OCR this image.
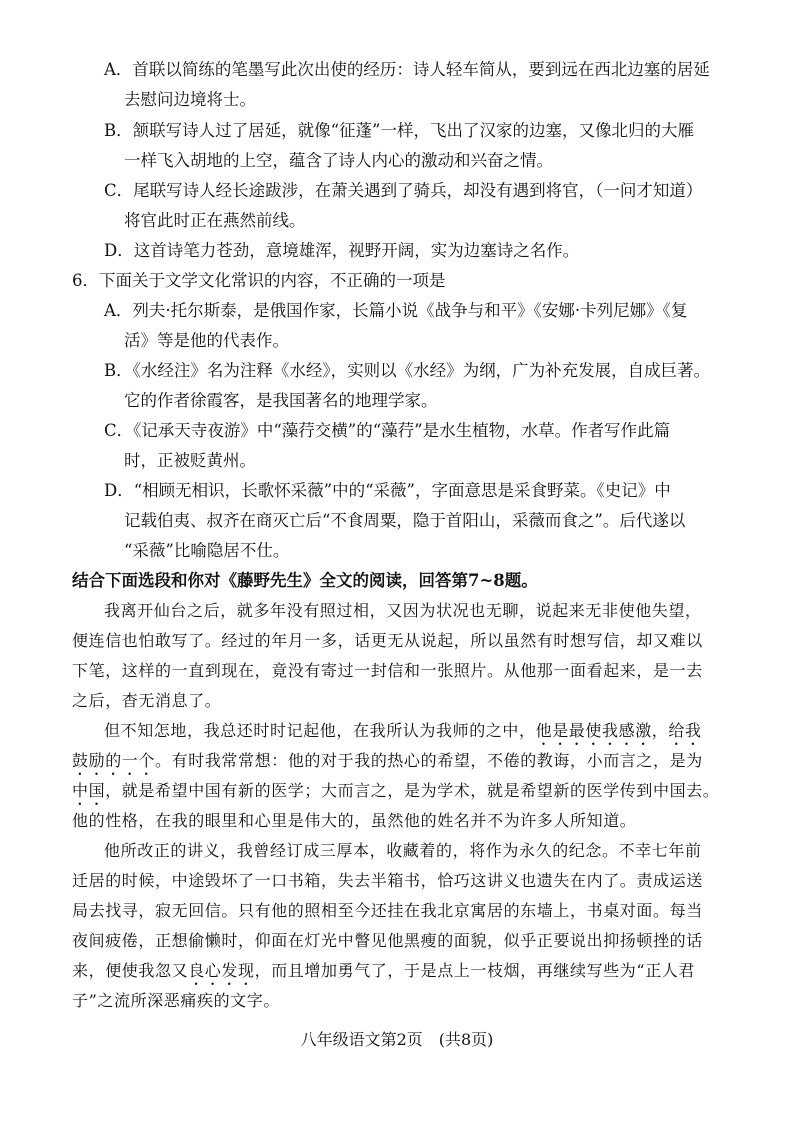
A．首联以简练的笔墨写此次出使的经历：诗人轻车简从，要到远在西北边塞的居延
去慰问边境将士。
B．颔联写诗人过了居延，就像“征蓬”一样，飞出了汉家的边塞，又像北归的大雁
一样飞入胡地的上空，蕴含了诗人内心的激动和兴奋之情。
C．尾联写诗人经长途跋涉，在萧关遇到了骑兵，却没有遇到将官，（一问才知道）
将官此时正在燕然前线。
D．这首诗笔力苍劲，意境雄浑，视野开阔，实为边塞诗之名作。
6．下面关于文学文化常识的内容，不正确的一项是
A．列夫·托尔斯泰，是俄国作家，长篇小说《战争与和平》《安娜·卡列尼娜》《复
活》等是他的代表作。
B．《水经注》名为注释《水经》，实则以《水经》为纲，广为补充发展，自成巨著。
它的作者徐霞客，是我国著名的地理学家。
C．《记承天寺夜游》中“藻荇交横”的“藻荇”是水生植物，水草。作者写作此篇
时，正被贬黄州。
D．“相顾无相识，长歌怀采薇”中的“采薇”，字面意思是采食野菜。《史记》中
记载伯夷、叔齐在商灭亡后“不食周粟，隐于首阳山，采薇而食之”。后代遂以
“采薇”比喻隐居不仕。
结合下面选段和你对《藤野先生》全文的阅读，回答第7~8题。
我离开仙台之后，就多年没有照过相，又因为状况也无聊，说起来无非使他失望，
便连信也怕敢写了。经过的年月一多，话更无从说起，所以虽然有时想写信，却又难以
下笔，这样的一直到现在，竟没有寄过一封信和一张照片。从他那一面看起来，是一去
之后，杳无消息了。
但不知怎地，我总还时时记起他，在我所认为我师的之中，他是最使我感激，给我
鼓励的一个。有时我常常想：他的对于我的热心的希望，不倦的教诲，小而言之，是为
中国，就是希望中国有新的医学；大而言之，是为学术，就是希望新的医学传到中国去。
他的性格，在我的眼里和心里是伟大的，虽然他的姓名并不为许多人所知道。
他所改正的讲义，我曾经订成三厚本，收藏着的，将作为永久的纪念。不幸七年前
迁居的时候，中途毁坏了一口书箱，失去半箱书，恰巧这讲义也遗失在内了。责成运送
局去找寻，寂无回信。只有他的照相至今还挂在我北京寓居的东墙上，书桌对面。每当
夜间疲倦，正想偷懒时，仰面在灯光中瞥见他黑瘦的面貌，似乎正要说出抑扬顿挫的话
来，便使我忽又良心发现，而且增加勇气了，于是点上一枝烟，再继续写些为“正人君
子”之流所深恶痛疾的文字。
八年级语文第2页　(共8页)
